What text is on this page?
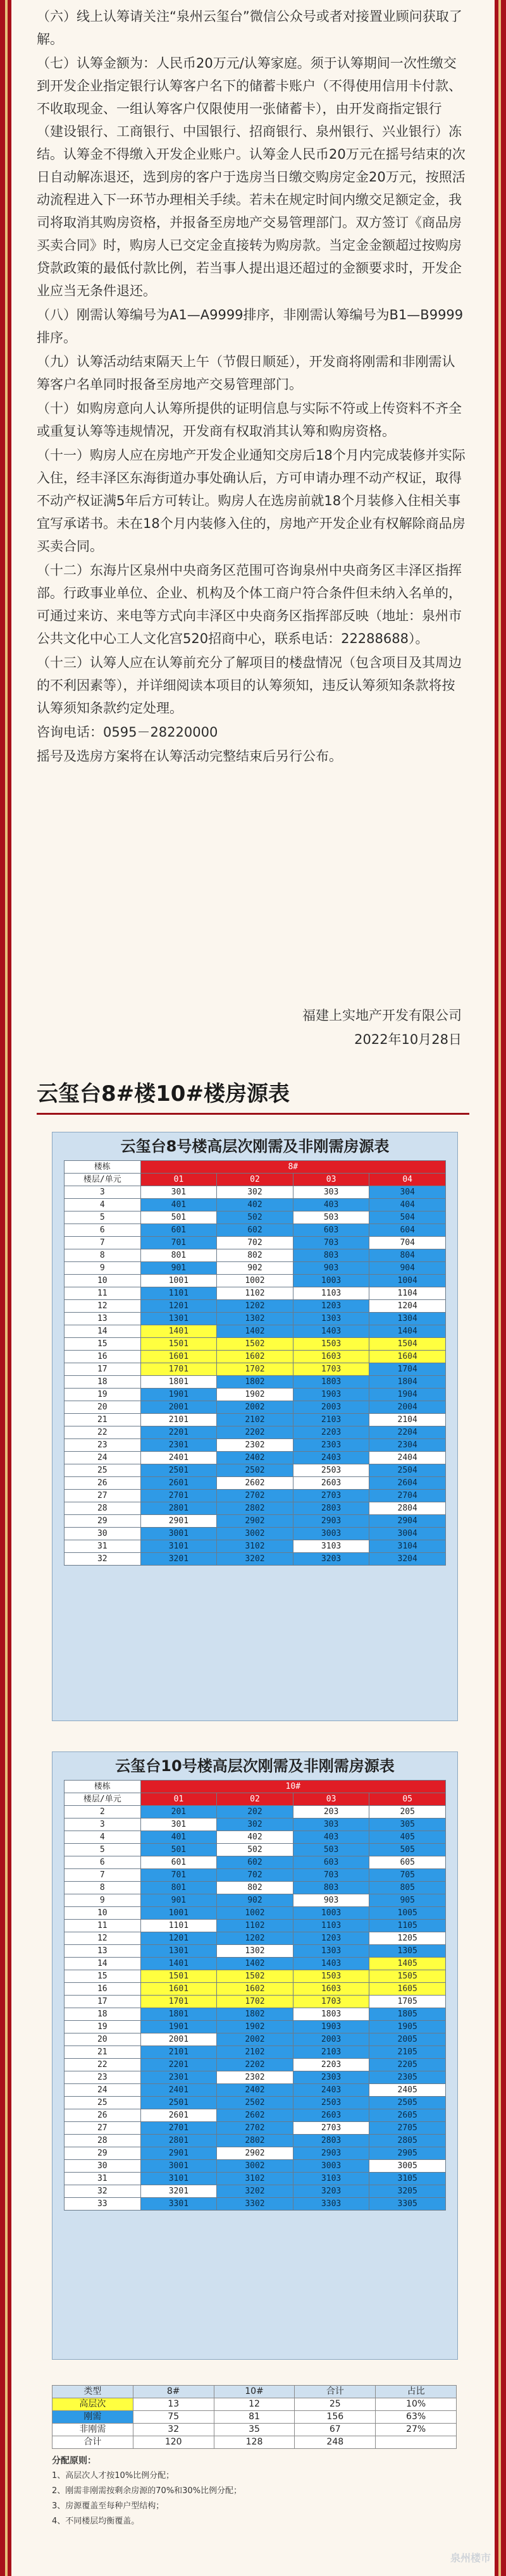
（六）线上认筹请关注“泉州云玺台”微信公众号或者对接置业顾问获取了解。

（七）认筹金额为：人民币20万元/认筹家庭。须于认筹期间一次性缴交到开发企业指定银行认筹客户名下的储蓄卡账户（不得使用信用卡付款、不收取现金、一组认筹客户仅限使用一张储蓄卡），由开发商指定银行（建设银行、工商银行、中国银行、招商银行、泉州银行、兴业银行）冻结。认筹金不得缴入开发企业账户。认筹金人民币20万元在摇号结束的次日自动解冻退还，选到房的客户于选房当日缴交购房定金20万元，按照活动流程进入下一环节办理相关手续。若未在规定时间内缴交足额定金，我司将取消其购房资格，并报备至房地产交易管理部门。双方签订《商品房买卖合同》时，购房人已交定金直接转为购房款。当定金金额超过按购房贷款政策的最低付款比例，若当事人提出退还超过的金额要求时，开发企业应当无条件退还。

（八）刚需认筹编号为A1—A9999排序，非刚需认筹编号为B1—B9999排序。

（九）认筹活动结束隔天上午（节假日顺延），开发商将刚需和非刚需认筹客户名单同时报备至房地产交易管理部门。

（十）如购房意向人认筹所提供的证明信息与实际不符或上传资料不齐全或重复认筹等违规情况，开发商有权取消其认筹和购房资格。

（十一）购房人应在房地产开发企业通知交房后18个月内完成装修并实际入住，经丰泽区东海街道办事处确认后，方可申请办理不动产权证，取得不动产权证满5年后方可转让。购房人在选房前就18个月装修入住相关事宜写承诺书。未在18个月内装修入住的，房地产开发企业有权解除商品房买卖合同。

（十二）东海片区泉州中央商务区范围可咨询泉州中央商务区丰泽区指挥部。行政事业单位、企业、机构及个体工商户符合条件但未纳入名单的，可通过来访、来电等方式向丰泽区中央商务区指挥部反映（地址：泉州市公共文化中心工人文化宫520招商中心，联系电话：22288688）。

（十三）认筹人应在认筹前充分了解项目的楼盘情况（包含项目及其周边的不利因素等），并详细阅读本项目的认筹须知，违反认筹须知条款将按认筹须知条款约定处理。

咨询电话：0595－28220000

摇号及选房方案将在认筹活动完整结束后另行公布。

福建上实地产开发有限公司
2022年10月28日
云玺台8#楼10#楼房源表
云玺台8号楼高层次刚需及非刚需房源表
楼栋	8#			
楼层/单元	01	02	03	04
3	301	302	303	304
4	401	402	403	404
5	501	502	503	504
6	601	602	603	604
7	701	702	703	704
8	801	802	803	804
9	901	902	903	904
10	1001	1002	1003	1004
11	1101	1102	1103	1104
12	1201	1202	1203	1204
13	1301	1302	1303	1304
14	1401	1402	1403	1404
15	1501	1502	1503	1504
16	1601	1602	1603	1604
17	1701	1702	1703	1704
18	1801	1802	1803	1804
19	1901	1902	1903	1904
20	2001	2002	2003	2004
21	2101	2102	2103	2104
22	2201	2202	2203	2204
23	2301	2302	2303	2304
24	2401	2402	2403	2404
25	2501	2502	2503	2504
26	2601	2602	2603	2604
27	2701	2702	2703	2704
28	2801	2802	2803	2804
29	2901	2902	2903	2904
30	3001	3002	3003	3004
31	3101	3102	3103	3104
32	3201	3202	3203	3204
云玺台10号楼高层次刚需及非刚需房源表
楼栋	10#			
楼层/单元	01	02	03	05
2	201	202	203	205
3	301	302	303	305
4	401	402	403	405
5	501	502	503	505
6	601	602	603	605
7	701	702	703	705
8	801	802	803	805
9	901	902	903	905
10	1001	1002	1003	1005
11	1101	1102	1103	1105
12	1201	1202	1203	1205
13	1301	1302	1303	1305
14	1401	1402	1403	1405
15	1501	1502	1503	1505
16	1601	1602	1603	1605
17	1701	1702	1703	1705
18	1801	1802	1803	1805
19	1901	1902	1903	1905
20	2001	2002	2003	2005
21	2101	2102	2103	2105
22	2201	2202	2203	2205
23	2301	2302	2303	2305
24	2401	2402	2403	2405
25	2501	2502	2503	2505
26	2601	2602	2603	2605
27	2701	2702	2703	2705
28	2801	2802	2803	2805
29	2901	2902	2903	2905
30	3001	3002	3003	3005
31	3101	3102	3103	3105
32	3201	3202	3203	3205
33	3301	3302	3303	3305
类型	8#	10#	合计	占比
高层次	13	12	25	10%
刚需	75	81	156	63%
非刚需	32	35	67	27%
合计	120	128	248	
分配原则：
1、高层次人才按10%比例分配；
2、刚需非刚需按剩余房源的70%和30%比例分配；
3、房源覆盖至每种户型结构；
4、不同楼层均衡覆盖。
泉州楼市
